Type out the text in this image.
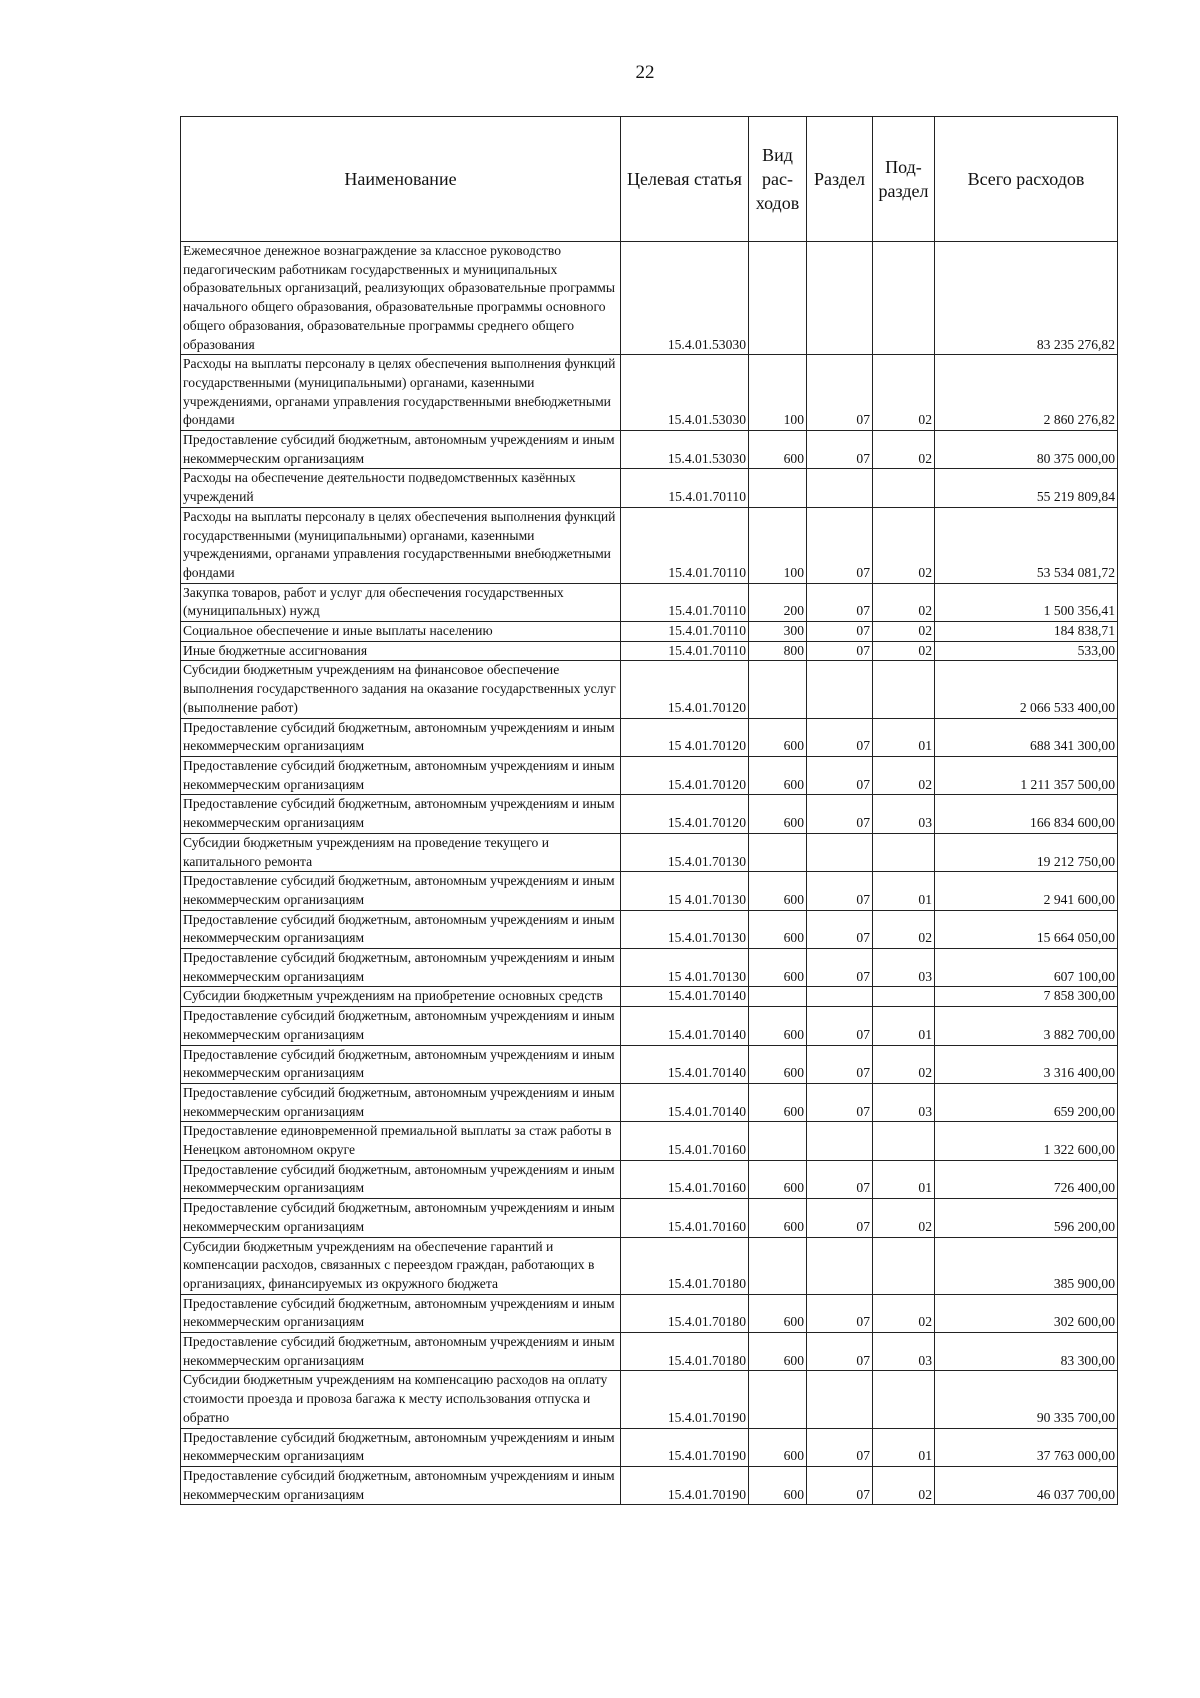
22
Наименование	Целевая статья	Вид
рас-
ходов	Раздел	Под-
раздел	Всего расходов
Ежемесячное денежное вознаграждение за классное руководство педагогическим работникам государственных и муниципальных образовательных организаций, реализующих образовательные программы начального общего образования, образовательные программы основного общего образования, образовательные программы среднего общего образования	15.4.01.53030				83 235 276,82
Расходы на выплаты персоналу в целях обеспечения выполнения функций государственными (муниципальными) органами, казенными учреждениями, органами управления государственными внебюджетными фондами	15.4.01.53030	100	07	02	2 860 276,82
Предоставление субсидий бюджетным, автономным учреждениям и иным некоммерческим организациям	15.4.01.53030	600	07	02	80 375 000,00
Расходы на обеспечение деятельности подведомственных казённых учреждений	15.4.01.70110				55 219 809,84
Расходы на выплаты персоналу в целях обеспечения выполнения функций государственными (муниципальными) органами, казенными учреждениями, органами управления государственными внебюджетными фондами	15.4.01.70110	100	07	02	53 534 081,72
Закупка товаров, работ и услуг для обеспечения государственных (муниципальных) нужд	15.4.01.70110	200	07	02	1 500 356,41
Социальное обеспечение и иные выплаты населению	15.4.01.70110	300	07	02	184 838,71
Иные бюджетные ассигнования	15.4.01.70110	800	07	02	533,00
Субсидии бюджетным учреждениям на финансовое обеспечение выполнения государственного задания на оказание государственных услуг (выполнение работ)	15.4.01.70120				2 066 533 400,00
Предоставление субсидий бюджетным, автономным учреждениям и иным некоммерческим организациям	15 4.01.70120	600	07	01	688 341 300,00
Предоставление субсидий бюджетным, автономным учреждениям и иным некоммерческим организациям	15.4.01.70120	600	07	02	1 211 357 500,00
Предоставление субсидий бюджетным, автономным учреждениям и иным некоммерческим организациям	15.4.01.70120	600	07	03	166 834 600,00
Субсидии бюджетным учреждениям на проведение текущего и капитального ремонта	15.4.01.70130				19 212 750,00
Предоставление субсидий бюджетным, автономным учреждениям и иным некоммерческим организациям	15 4.01.70130	600	07	01	2 941 600,00
Предоставление субсидий бюджетным, автономным учреждениям и иным некоммерческим организациям	15.4.01.70130	600	07	02	15 664 050,00
Предоставление субсидий бюджетным, автономным учреждениям и иным некоммерческим организациям	15 4.01.70130	600	07	03	607 100,00
Субсидии бюджетным учреждениям на приобретение основных средств	15.4.01.70140				7 858 300,00
Предоставление субсидий бюджетным, автономным учреждениям и иным некоммерческим организациям	15.4.01.70140	600	07	01	3 882 700,00
Предоставление субсидий бюджетным, автономным учреждениям и иным некоммерческим организациям	15.4.01.70140	600	07	02	3 316 400,00
Предоставление субсидий бюджетным, автономным учреждениям и иным некоммерческим организациям	15.4.01.70140	600	07	03	659 200,00
Предоставление единовременной премиальной выплаты за стаж работы в Ненецком автономном округе	15.4.01.70160				1 322 600,00
Предоставление субсидий бюджетным, автономным учреждениям и иным некоммерческим организациям	15.4.01.70160	600	07	01	726 400,00
Предоставление субсидий бюджетным, автономным учреждениям и иным некоммерческим организациям	15.4.01.70160	600	07	02	596 200,00
Субсидии бюджетным учреждениям на обеспечение гарантий и компенсации расходов, связанных с переездом граждан, работающих в организациях, финансируемых из окружного бюджета	15.4.01.70180				385 900,00
Предоставление субсидий бюджетным, автономным учреждениям и иным некоммерческим организациям	15.4.01.70180	600	07	02	302 600,00
Предоставление субсидий бюджетным, автономным учреждениям и иным некоммерческим организациям	15.4.01.70180	600	07	03	83 300,00
Субсидии бюджетным учреждениям на компенсацию расходов на оплату стоимости проезда и провоза багажа к месту использования отпуска и обратно	15.4.01.70190				90 335 700,00
Предоставление субсидий бюджетным, автономным учреждениям и иным некоммерческим организациям	15.4.01.70190	600	07	01	37 763 000,00
Предоставление субсидий бюджетным, автономным учреждениям и иным некоммерческим организациям	15.4.01.70190	600	07	02	46 037 700,00
